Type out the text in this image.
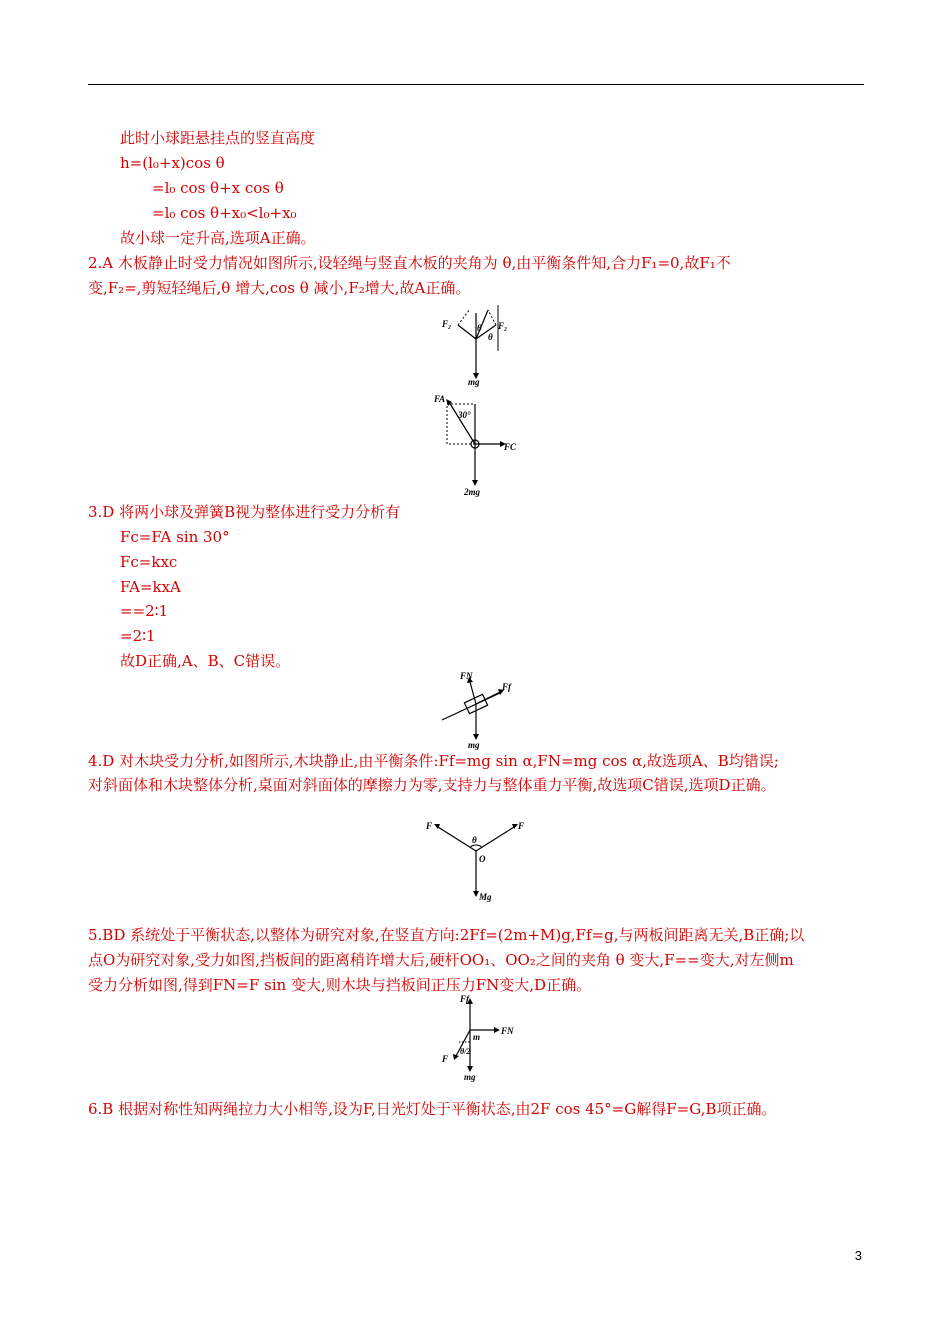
此时小球距悬挂点的竖直高度
h=(l₀+x)cos θ
=l₀ cos θ+x cos θ
=l₀ cos θ+x₀<l₀+x₀
故小球一定升高,选项A正确。
2.A 木板静止时受力情况如图所示,设轻绳与竖直木板的夹角为 θ,由平衡条件知,合力F₁=0,故F₁不
变,F₂=,剪短轻绳后,θ 增大,cos θ 减小,F₂增大,故A正确。
F₂	F₂
θ
θ
mg
FA
30°
FC
2mg
3.D 将两小球及弹簧B视为整体进行受力分析有
Fc=FA sin 30°
Fc=kxc
FA=kxA
==2∶1
=2∶1
故D正确,A、B、C错误。
FN
Ff
mg
4.D 对木块受力分析,如图所示,木块静止,由平衡条件:Ff=mg sin α,FN=mg cos α,故选项A、B均错误;
对斜面体和木块整体分析,桌面对斜面体的摩擦力为零,支持力与整体重力平衡,故选项C错误,选项D正确。
F	F
θ
O
Mg
5.BD 系统处于平衡状态,以整体为研究对象,在竖直方向:2Ff=(2m+M)g,Ff=g,与两板间距离无关,B正确;以
点O为研究对象,受力如图,挡板间的距离稍许增大后,硬杆OO₁、OO₂之间的夹角 θ 变大,F==变大,对左侧m
受力分析如图,得到FN=F sin 变大,则木块与挡板间正压力FN变大,D正确。
Ff
FN
m
θ/2
F
mg
6.B 根据对称性知两绳拉力大小相等,设为F,日光灯处于平衡状态,由2F cos 45°=G解得F=G,B项正确。
3
